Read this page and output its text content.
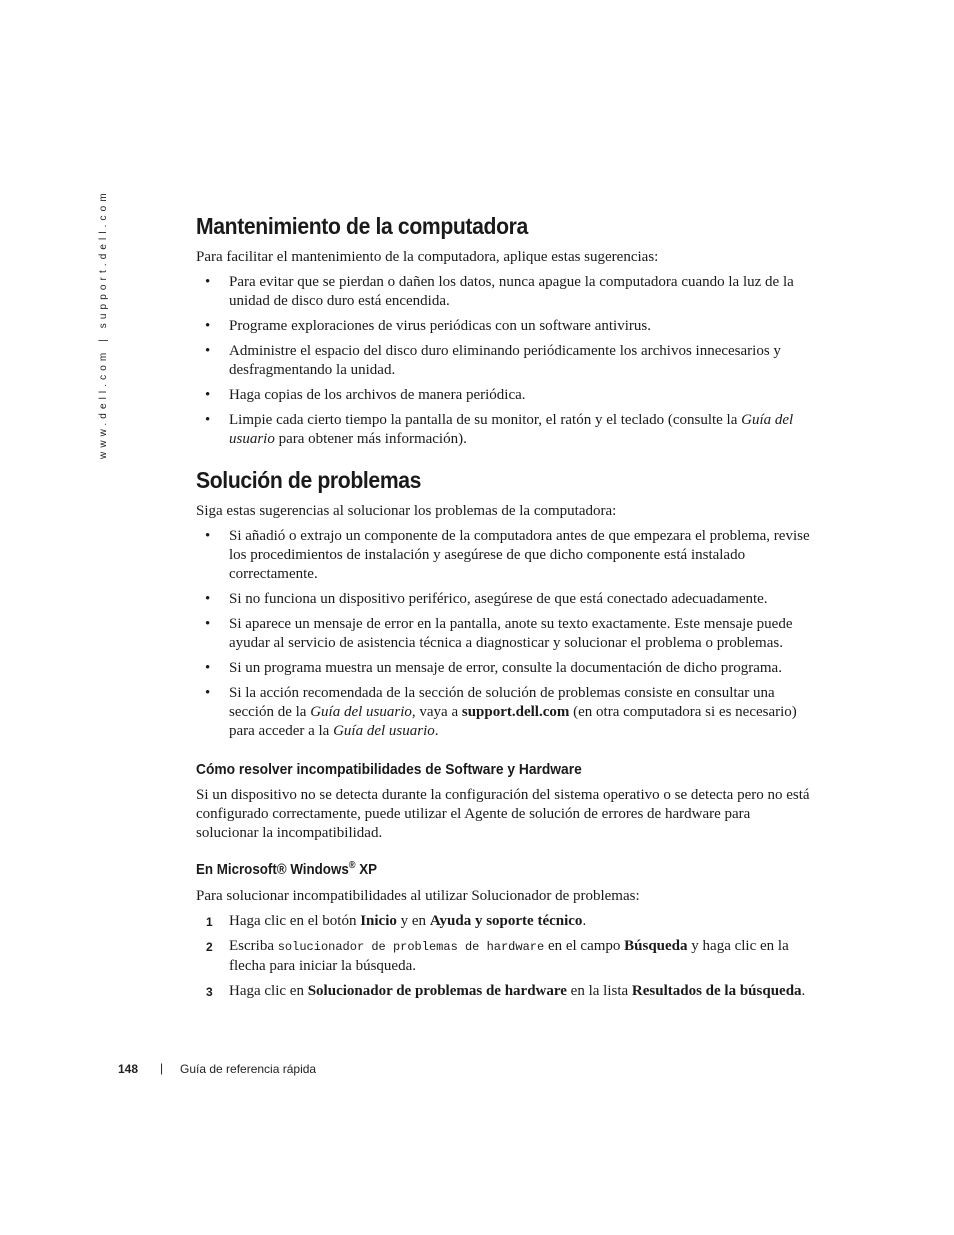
www.dell.com | support.dell.com	Mantenimiento de la computadora

Para facilitar el mantenimiento de la computadora, aplique estas sugerencias:

• Para evitar que se pierdan o dañen los datos, nunca apague la computadora cuando la luz de la unidad de disco duro está encendida.
• Programe exploraciones de virus periódicas con un software antivirus.
• Administre el espacio del disco duro eliminando periódicamente los archivos innecesarios y desfragmentando la unidad.
• Haga copias de los archivos de manera periódica.
• Limpie cada cierto tiempo la pantalla de su monitor, el ratón y el teclado (consulte la Guía del usuario para obtener más información).
Solución de problemas

Siga estas sugerencias al solucionar los problemas de la computadora:

• Si añadió o extrajo un componente de la computadora antes de que empezara el problema, revise los procedimientos de instalación y asegúrese de que dicho componente está instalado correctamente.
• Si no funciona un dispositivo periférico, asegúrese de que está conectado adecuadamente.
• Si aparece un mensaje de error en la pantalla, anote su texto exactamente. Este mensaje puede ayudar al servicio de asistencia técnica a diagnosticar y solucionar el problema o problemas.
• Si un programa muestra un mensaje de error, consulte la documentación de dicho programa.
• Si la acción recomendada de la sección de solución de problemas consiste en consultar una sección de la Guía del usuario, vaya a support.dell.com (en otra computadora si es necesario) para acceder a la Guía del usuario.
Cómo resolver incompatibilidades de Software y Hardware

Si un dispositivo no se detecta durante la configuración del sistema operativo o se detecta pero no está configurado correctamente, puede utilizar el Agente de solución de errores de hardware para solucionar la incompatibilidad.

En Microsoft® Windows® XP

Para solucionar incompatibilidades al utilizar Solucionador de problemas:

1 Haga clic en el botón Inicio y en Ayuda y soporte técnico.
2 Escriba solucionador de problemas de hardware en el campo Búsqueda y haga clic en la flecha para iniciar la búsqueda.
3 Haga clic en Solucionador de problemas de hardware en la lista Resultados de la búsqueda.
148 | Guía de referencia rápida
